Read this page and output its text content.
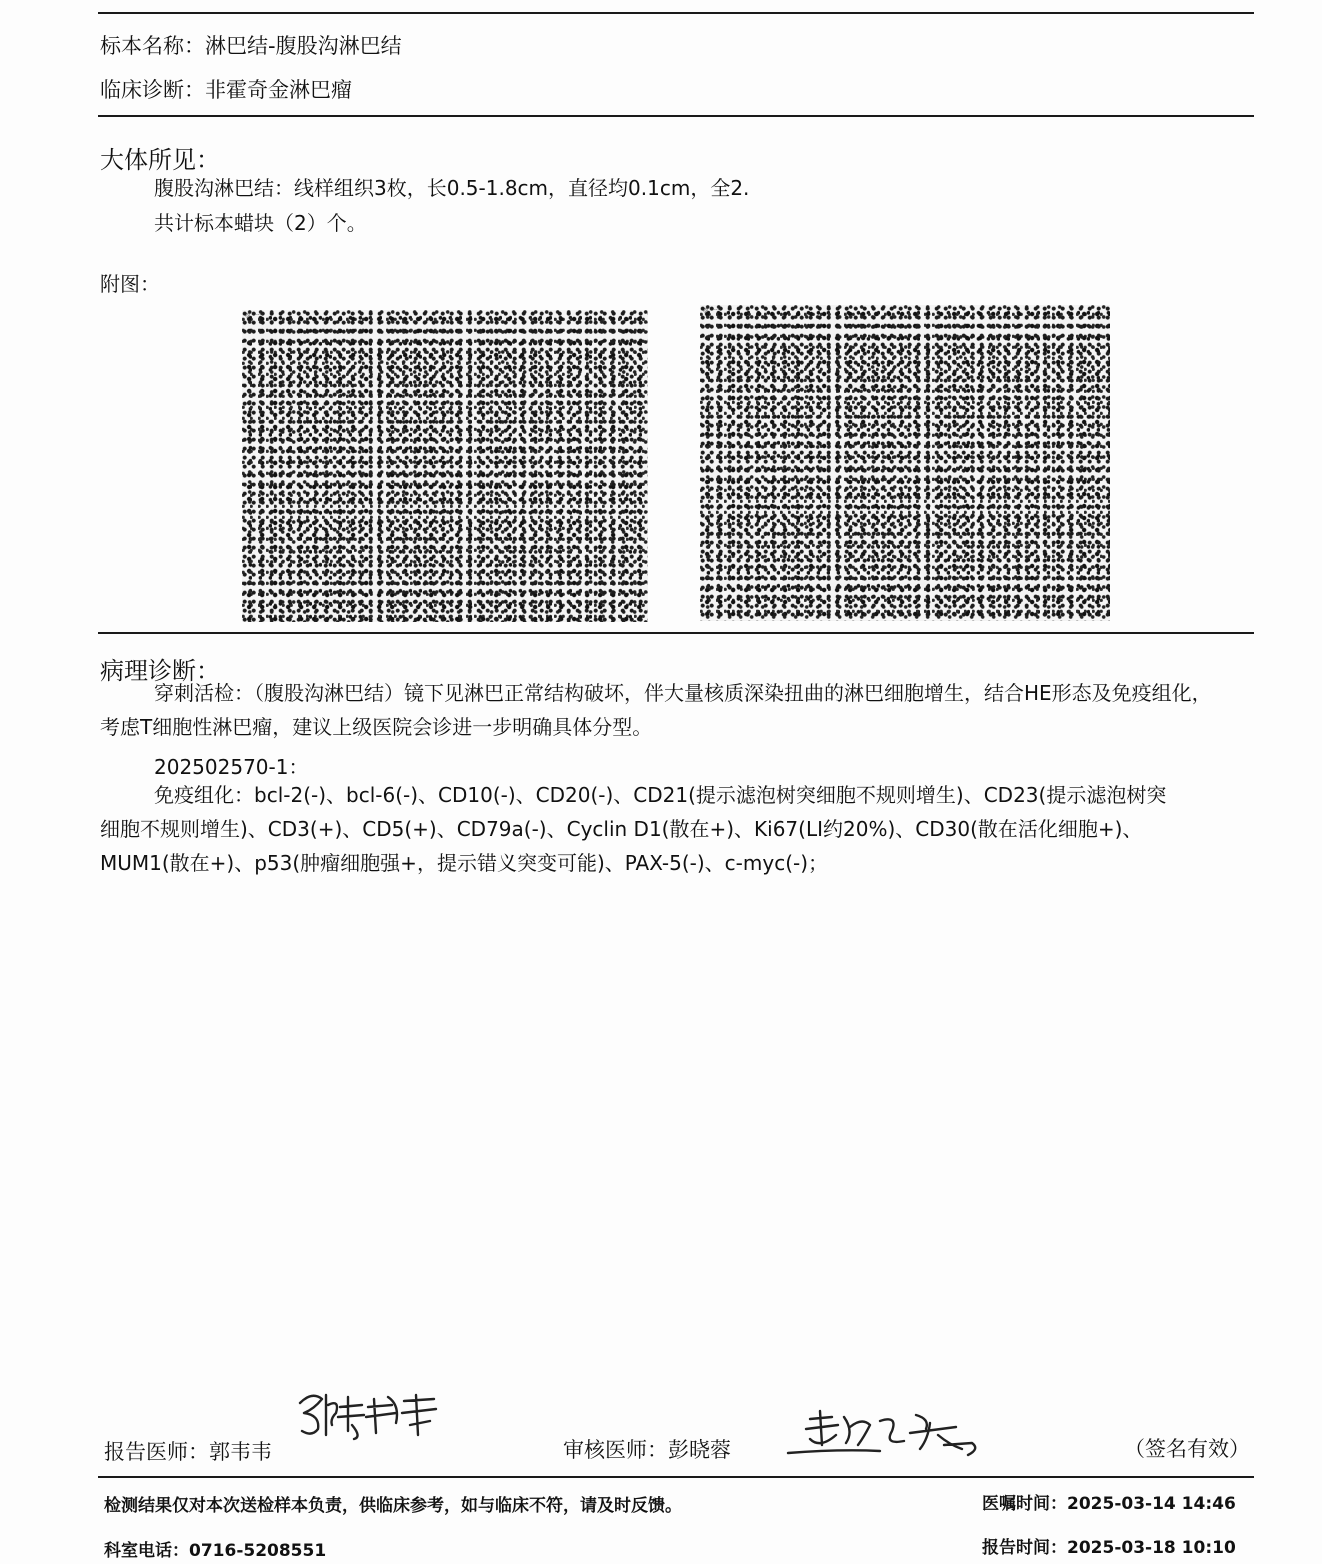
标本名称：淋巴结-腹股沟淋巴结
临床诊断：非霍奇金淋巴瘤
大体所见：
腹股沟淋巴结：线样组织3枚，长0.5-1.8cm，直径均0.1cm，全2.
共计标本蜡块（2）个。
附图：
◎ ······
◎ ······
病理诊断：

穿刺活检：（腹股沟淋巴结）镜下见淋巴正常结构破坏，伴大量核质深染扭曲的淋巴细胞增生，结合HE形态及免疫组化，考虑T细胞性淋巴瘤，建议上级医院会诊进一步明确具体分型。

202502570-1：

免疫组化：bcl-2(-)、bcl-6(-)、CD10(-)、CD20(-)、CD21(提示滤泡树突细胞不规则增生)、CD23(提示滤泡树突细胞不规则增生)、CD3(+)、CD5(+)、CD79a(-)、Cyclin D1(散在+)、Ki67(LI约20%)、CD30(散在活化细胞+)、MUM1(散在+)、p53(肿瘤细胞强+，提示错义突变可能)、PAX-5(-)、c-myc(-)；

报告医师：郭韦韦	审核医师：彭晓蓉	（签名有效）
检测结果仅对本次送检样本负责，供临床参考，如与临床不符，请及时反馈。	医嘱时间：2025-03-14 14:46
科室电话：0716-5208551	报告时间：2025-03-18 10:10
